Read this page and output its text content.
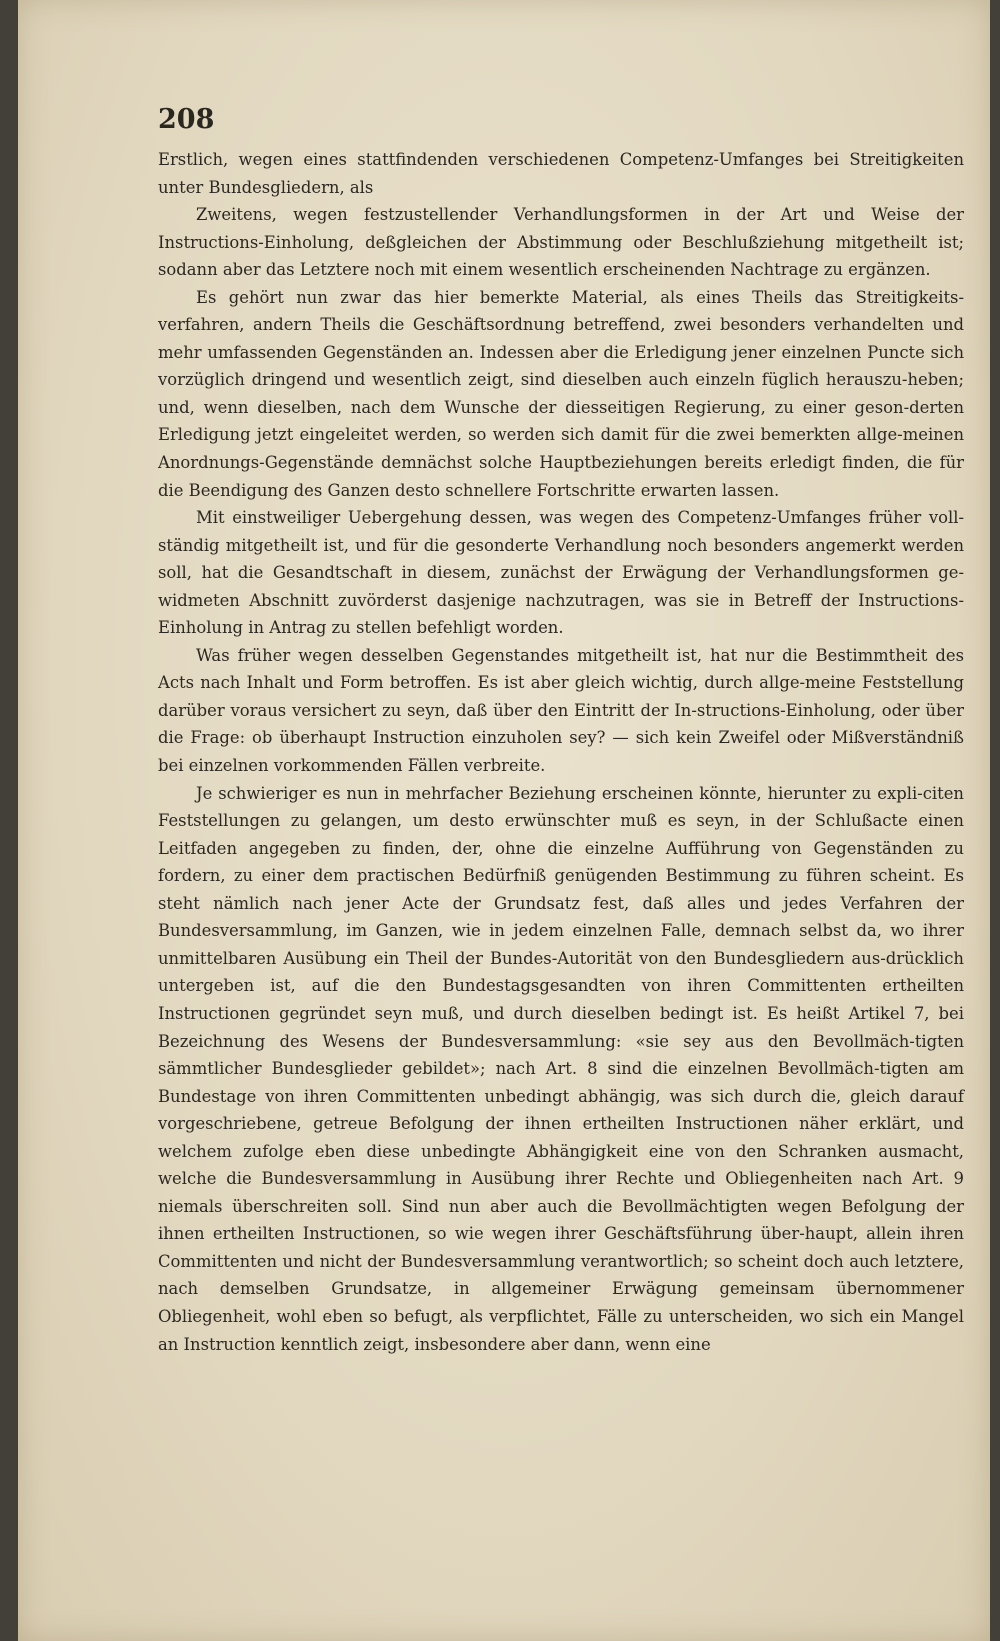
208

Erstlich, wegen eines stattfindenden verschiedenen Competenz-Umfanges bei Streitigkeiten unter Bundesgliedern, als

Zweitens, wegen festzustellender Verhandlungsformen in der Art und Weise der Instructions-Einholung, deßgleichen der Abstimmung oder Beschlußziehung mitgetheilt ist; sodann aber das Letztere noch mit einem wesentlich erscheinenden Nachtrage zu ergänzen.

Es gehört nun zwar das hier bemerkte Material, als eines Theils das Streitigkeits-verfahren, andern Theils die Geschäftsordnung betreffend, zwei besonders verhandelten und mehr umfassenden Gegenständen an. Indessen aber die Erledigung jener einzelnen Puncte sich vorzüglich dringend und wesentlich zeigt, sind dieselben auch einzeln füglich herauszu-heben; und, wenn dieselben, nach dem Wunsche der diesseitigen Regierung, zu einer geson-derten Erledigung jetzt eingeleitet werden, so werden sich damit für die zwei bemerkten allge-meinen Anordnungs-Gegenstände demnächst solche Hauptbeziehungen bereits erledigt finden, die für die Beendigung des Ganzen desto schnellere Fortschritte erwarten lassen.

Mit einstweiliger Uebergehung dessen, was wegen des Competenz-Umfanges früher voll-ständig mitgetheilt ist, und für die gesonderte Verhandlung noch besonders angemerkt werden soll, hat die Gesandtschaft in diesem, zunächst der Erwägung der Verhandlungsformen ge-widmeten Abschnitt zuvörderst dasjenige nachzutragen, was sie in Betreff der Instructions-Einholung in Antrag zu stellen befehligt worden.

Was früher wegen desselben Gegenstandes mitgetheilt ist, hat nur die Bestimmtheit des Acts nach Inhalt und Form betroffen. Es ist aber gleich wichtig, durch allge-meine Feststellung darüber voraus versichert zu seyn, daß über den Eintritt der In-structions-Einholung, oder über die Frage: ob überhaupt Instruction einzuholen sey? — sich kein Zweifel oder Mißverständniß bei einzelnen vorkommenden Fällen verbreite.

Je schwieriger es nun in mehrfacher Beziehung erscheinen könnte, hierunter zu expli-citen Feststellungen zu gelangen, um desto erwünschter muß es seyn, in der Schlußacte einen Leitfaden angegeben zu finden, der, ohne die einzelne Aufführung von Gegenständen zu fordern, zu einer dem practischen Bedürfniß genügenden Bestimmung zu führen scheint. Es steht nämlich nach jener Acte der Grundsatz fest, daß alles und jedes Verfahren der Bundesversammlung, im Ganzen, wie in jedem einzelnen Falle, demnach selbst da, wo ihrer unmittelbaren Ausübung ein Theil der Bundes-Autorität von den Bundesgliedern aus-drücklich untergeben ist, auf die den Bundestagsgesandten von ihren Committenten ertheilten Instructionen gegründet seyn muß, und durch dieselben bedingt ist. Es heißt Artikel 7, bei Bezeichnung des Wesens der Bundesversammlung: «sie sey aus den Bevollmäch-tigten sämmtlicher Bundesglieder gebildet»; nach Art. 8 sind die einzelnen Bevollmäch-tigten am Bundestage von ihren Committenten unbedingt abhängig, was sich durch die, gleich darauf vorgeschriebene, getreue Befolgung der ihnen ertheilten Instructionen näher erklärt, und welchem zufolge eben diese unbedingte Abhängigkeit eine von den Schranken ausmacht, welche die Bundesversammlung in Ausübung ihrer Rechte und Obliegenheiten nach Art. 9 niemals überschreiten soll. Sind nun aber auch die Bevollmächtigten wegen Befolgung der ihnen ertheilten Instructionen, so wie wegen ihrer Geschäftsführung über-haupt, allein ihren Committenten und nicht der Bundesversammlung verantwortlich; so scheint doch auch letztere, nach demselben Grundsatze, in allgemeiner Erwägung gemeinsam übernommener Obliegenheit, wohl eben so befugt, als verpflichtet, Fälle zu unterscheiden, wo sich ein Mangel an Instruction kenntlich zeigt, insbesondere aber dann, wenn eine
